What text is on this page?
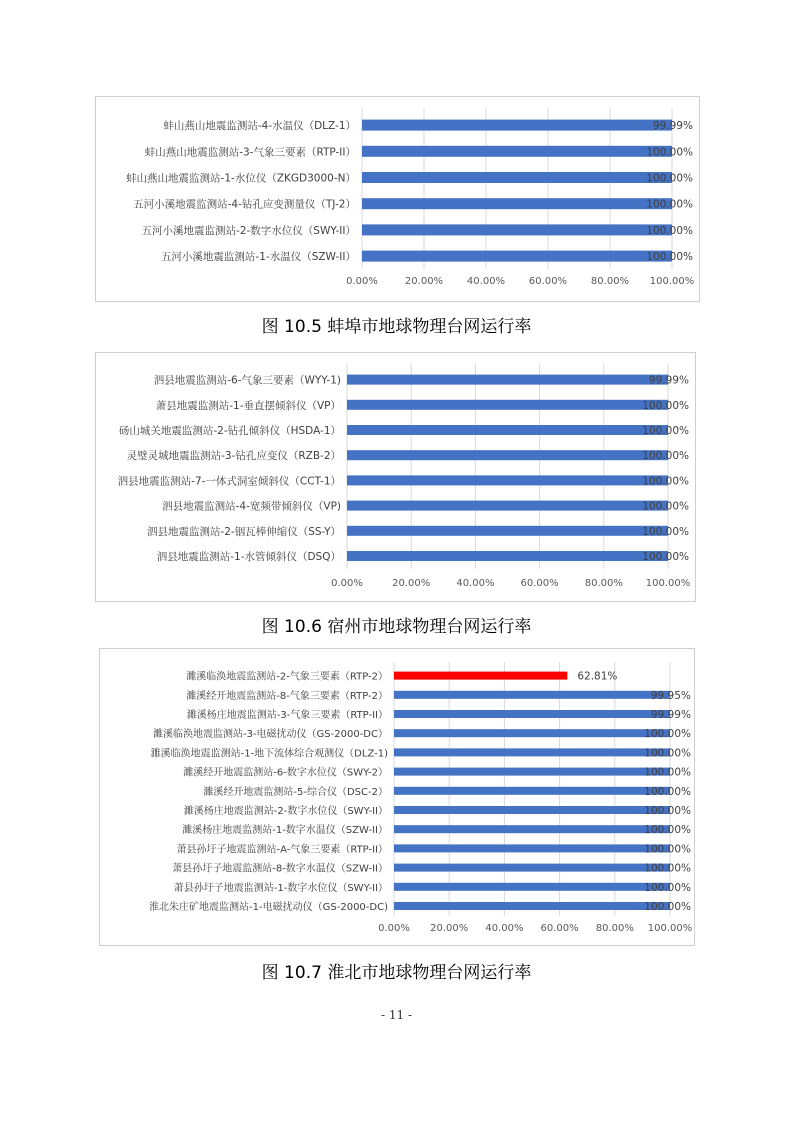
0.00%	20.00% 40.00% 60.00% 80.00% 100.00%
蚌山燕山地震监测站-4-水温仪（DLZ-1）	99.99%
蚌山燕山地震监测站-3-气象三要素（RTP-II）	100.00%
蚌山燕山地震监测站-1-水位仪（ZKGD3000-N）	100.00%
五河小溪地震监测站-4-钻孔应变测量仪（TJ-2）	100.00%
五河小溪地震监测站-2-数字水位仪（SWY-II）	100.00%
五河小溪地震监测站-1-水温仪（SZW-II）	100.00%
图 10.5 蚌埠市地球物理台网运行率
0.00%	20.00%	40.00%	60.00%	80.00% 100.00%
泗县地震监测站-6-气象三要素（WYY-1)	99.99%
萧县地震监测站-1-垂直摆倾斜仪（VP）	100.00%
砀山城关地震监测站-2-钻孔倾斜仪（HSDA-1）	100.00%
灵璧灵城地震监测站-3-钻孔应变仪（RZB-2）	100.00%
泗县地震监测站-7-一体式洞室倾斜仪（CCT-1）	100.00%
泗县地震监测站-4-宽频带倾斜仪（VP)	100.00%
泗县地震监测站-2-铟瓦棒伸缩仪（SS-Y）	100.00%
泗县地震监测站-1-水管倾斜仪（DSQ）	100.00%
图 10.6 宿州市地球物理台网运行率
0.00% 20.00% 40.00% 60.00% 80.00% 100.00%
濉溪临涣地震监测站-2-气象三要素（RTP-2）	62.81%
濉溪经开地震监测站-8-气象三要素（RTP-2）	99.95%
濉溪杨庄地震监测站-3-气象三要素（RTP-II）	99.99%
濉溪临涣地震监测站-3-电磁扰动仪（GS-2000-DC）	100.00%
濉溪临涣地震监测站-1-地下流体综合观测仪（DLZ-1)	100.00%
濉溪经开地震监测站-6-数字水位仪（SWY-2）	100.00%
濉溪经开地震监测站-5-综合仪（DSC-2）	100.00%
濉溪杨庄地震监测站-2-数字水位仪（SWY-II）	100.00%
濉溪杨庄地震监测站-1-数字水温仪（SZW-II）	100.00%
萧县孙圩子地震监测站-A-气象三要素（RTP-II）	100.00%
萧县孙圩子地震监测站-8-数字水温仪（SZW-II）	100.00%
萧县孙圩子地震监测站-1-数字水位仪（SWY-II）	100.00%
淮北朱庄矿地震监测站-1-电磁扰动仪（GS-2000-DC)	100.00%
图 10.7 淮北市地球物理台网运行率
- 11 -
